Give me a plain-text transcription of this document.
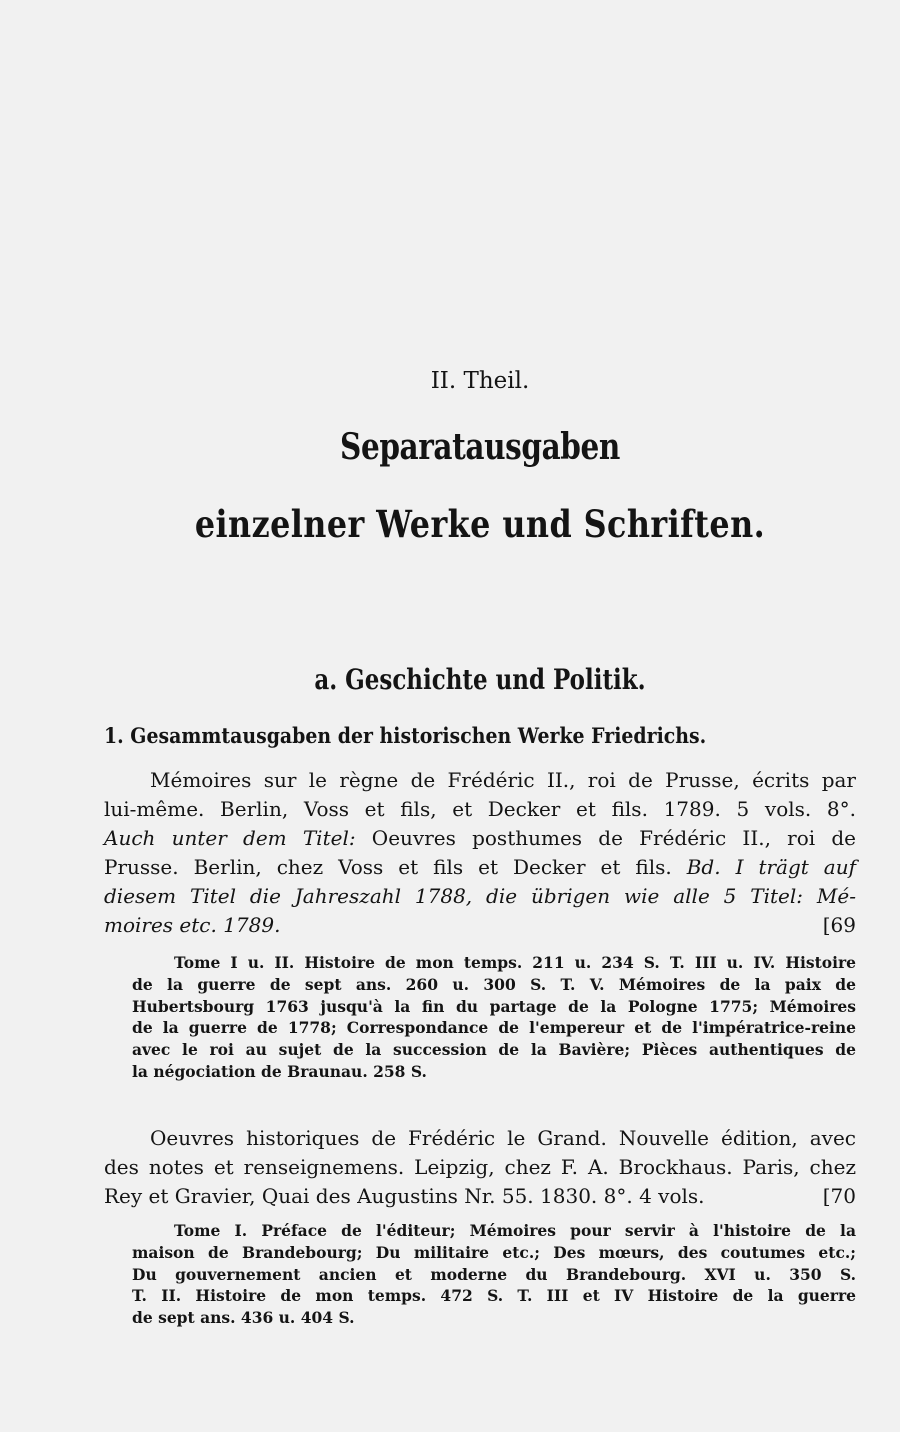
II. Theil.
Separatausgaben
einzelner Werke und Schriften.
a. Geschichte und Politik.
1. Gesammtausgaben der historischen Werke Friedrichs.
Mémoires sur le règne de Frédéric II., roi de Prusse, écrits par
lui-même. Berlin, Voss et fils, et Decker et fils. 1789. 5 vols. 8°.
Auch unter dem Titel: Oeuvres posthumes de Frédéric II., roi de
Prusse. Berlin, chez Voss et fils et Decker et fils. Bd. I trägt auf
diesem Titel die Jahreszahl 1788, die übrigen wie alle 5 Titel: Mé-
moires etc. 1789.	[69
Tome I u. II. Histoire de mon temps. 211 u. 234 S. T. III u. IV. Histoire
de la guerre de sept ans. 260 u. 300 S. T. V. Mémoires de la paix de
Hubertsbourg 1763 jusqu'à la fin du partage de la Pologne 1775; Mémoires
de la guerre de 1778; Correspondance de l'empereur et de l'impératrice-reine
avec le roi au sujet de la succession de la Bavière; Pièces authentiques de
la négociation de Braunau. 258 S.
Oeuvres historiques de Frédéric le Grand. Nouvelle édition, avec
des notes et renseignemens. Leipzig, chez F. A. Brockhaus. Paris, chez
Rey et Gravier, Quai des Augustins Nr. 55. 1830. 8°. 4 vols.	[70
Tome I. Préface de l'éditeur; Mémoires pour servir à l'histoire de la
maison de Brandebourg; Du militaire etc.; Des mœurs, des coutumes etc.;
Du gouvernement ancien et moderne du Brandebourg. XVI u. 350 S.
T. II. Histoire de mon temps. 472 S. T. III et IV Histoire de la guerre
de sept ans. 436 u. 404 S.
